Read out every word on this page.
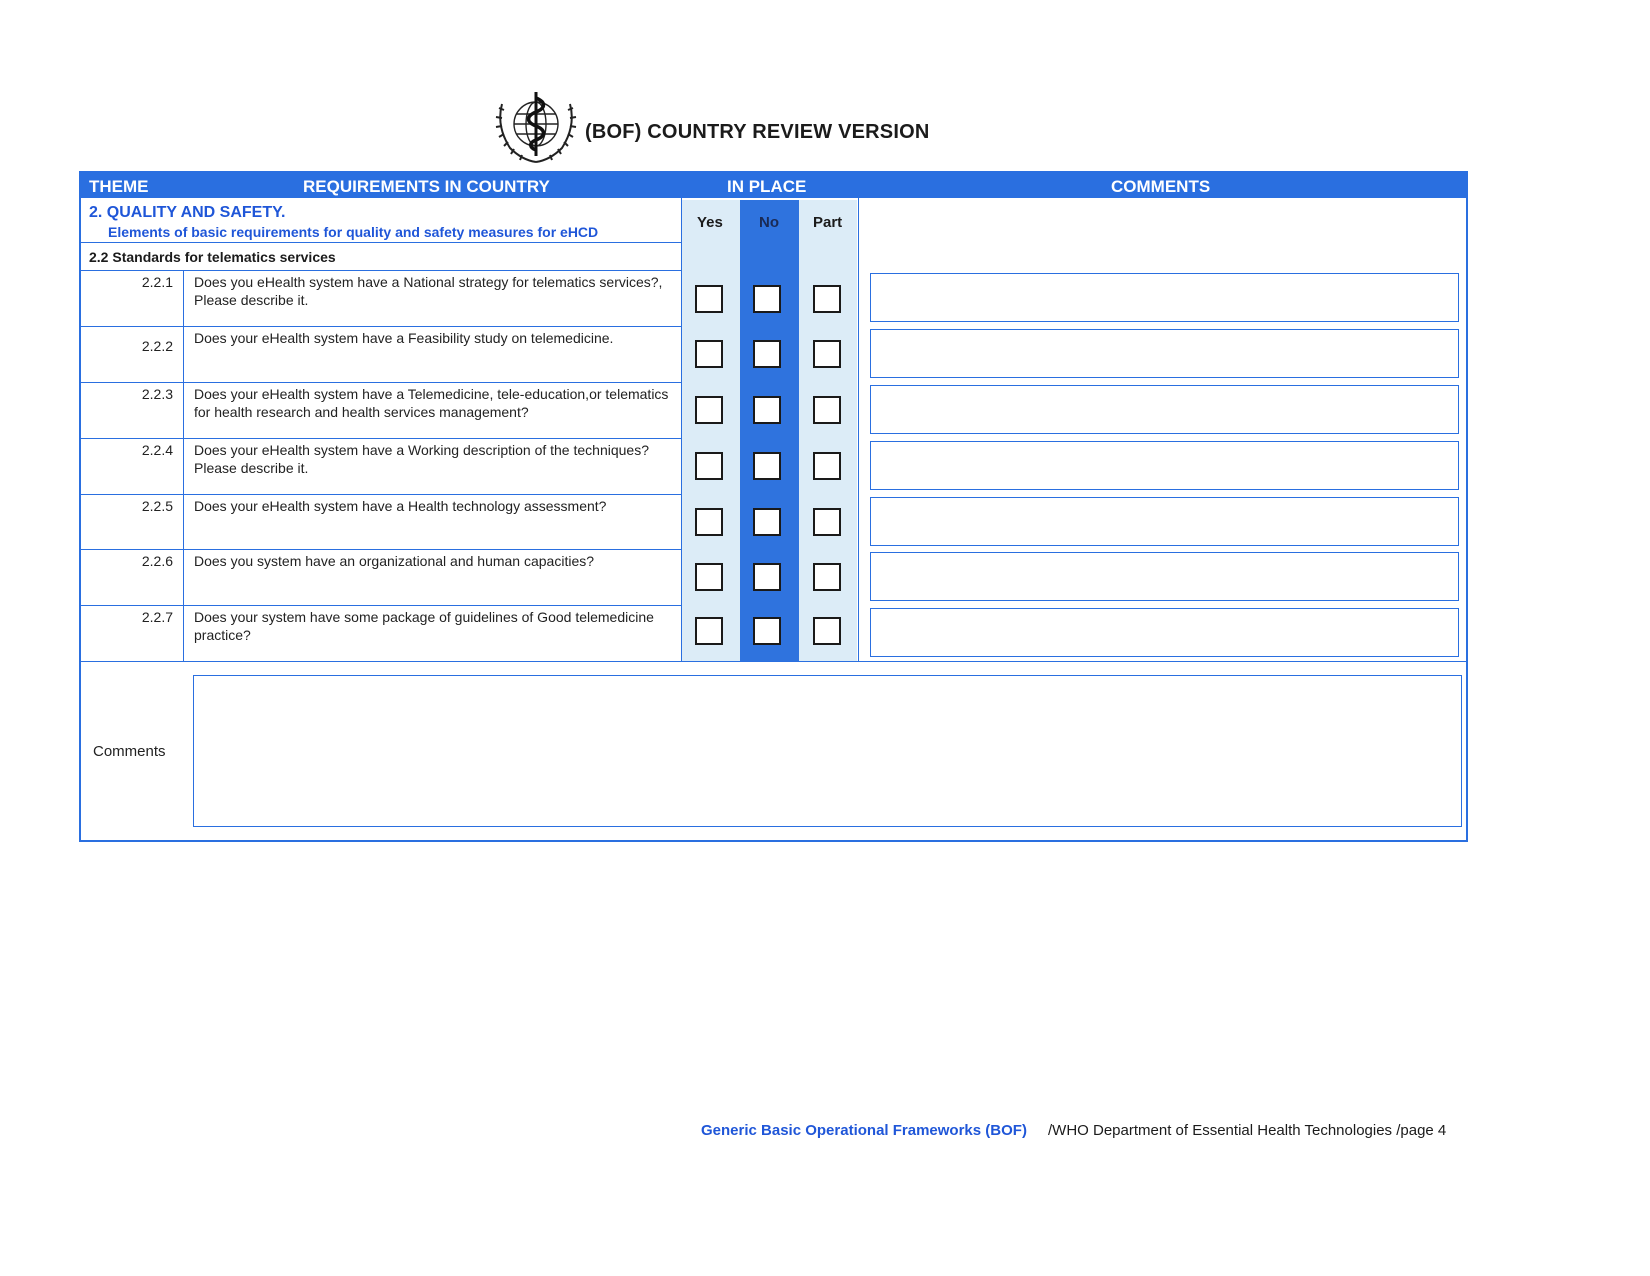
(BOF) COUNTRY REVIEW VERSION
THEME	REQUIREMENTS IN COUNTRY	IN PLACE	COMMENTS
Yes No Part
2. QUALITY AND SAFETY.
Elements of basic requirements for quality and safety measures for eHCD
2.2 Standards for telematics services
2.2.1 Does you eHealth system have a National strategy for telematics services?, Please describe it.
2.2.2 Does your eHealth system have a Feasibility study on telemedicine.
2.2.3 Does your eHealth system have a Telemedicine, tele-education,or telematics for health research and health services management?
2.2.4 Does your eHealth system have a Working description of the techniques? Please describe it.
2.2.5 Does your eHealth system have a Health technology assessment?
2.2.6 Does you system have an organizational and human capacities?
2.2.7 Does your system have some package of guidelines of Good telemedicine practice?
Comments
Generic Basic Operational Frameworks (BOF) /WHO Department of Essential Health Technologies /page 4
